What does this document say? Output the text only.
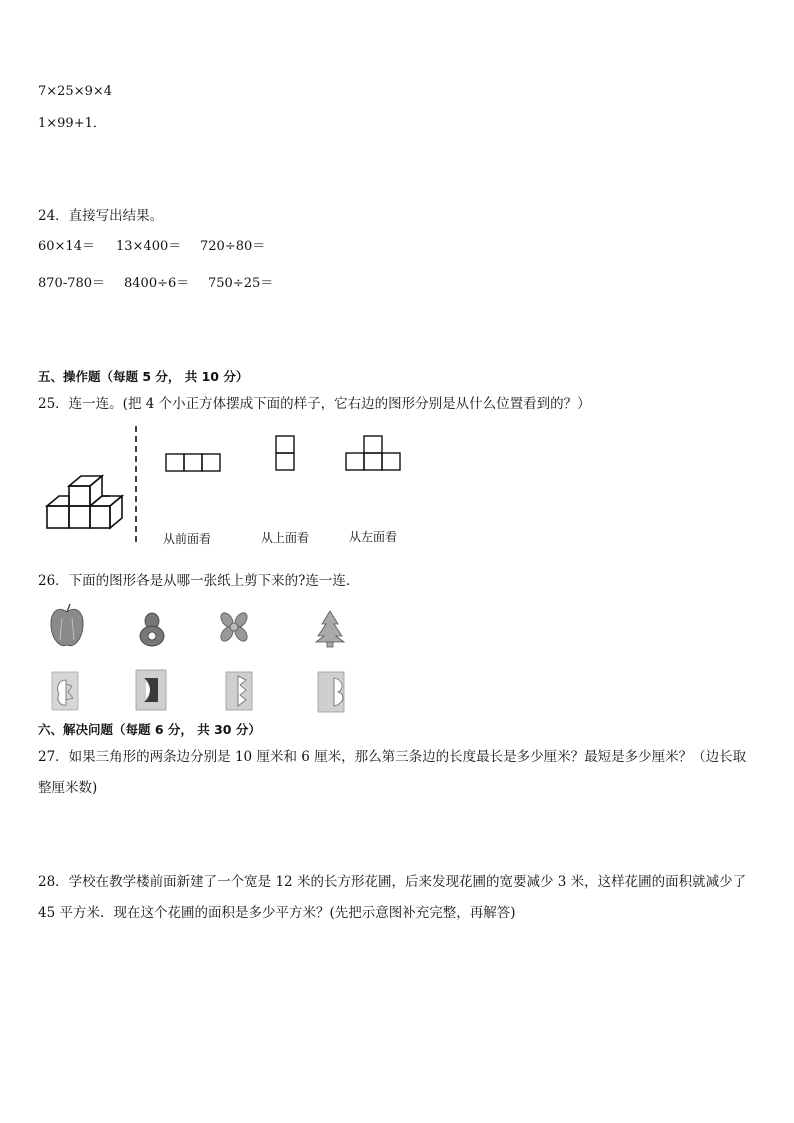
7×25×9×4
1×99+1．
24．直接写出结果。
60×14＝ 13×400＝ 720÷80＝
870-780＝ 8400÷6＝ 750÷25＝
五、操作题（每题 5 分， 共 10 分）
25．连一连。(把 4 个小正方体摆成下面的样子，它右边的图形分别是从什么位置看到的？）
从前面看	从上面看	从左面看
26．下面的图形各是从哪一张纸上剪下来的?连一连．
六、解决问题（每题 6 分， 共 30 分）
27．如果三角形的两条边分别是 10 厘米和 6 厘米，那么第三条边的长度最长是多少厘米？最短是多少厘米？（边长取
整厘米数)
28．学校在教学楼前面新建了一个宽是 12 米的长方形花圃，后来发现花圃的宽要减少 3 米，这样花圃的面积就减少了
45 平方米．现在这个花圃的面积是多少平方米？(先把示意图补充完整，再解答)
